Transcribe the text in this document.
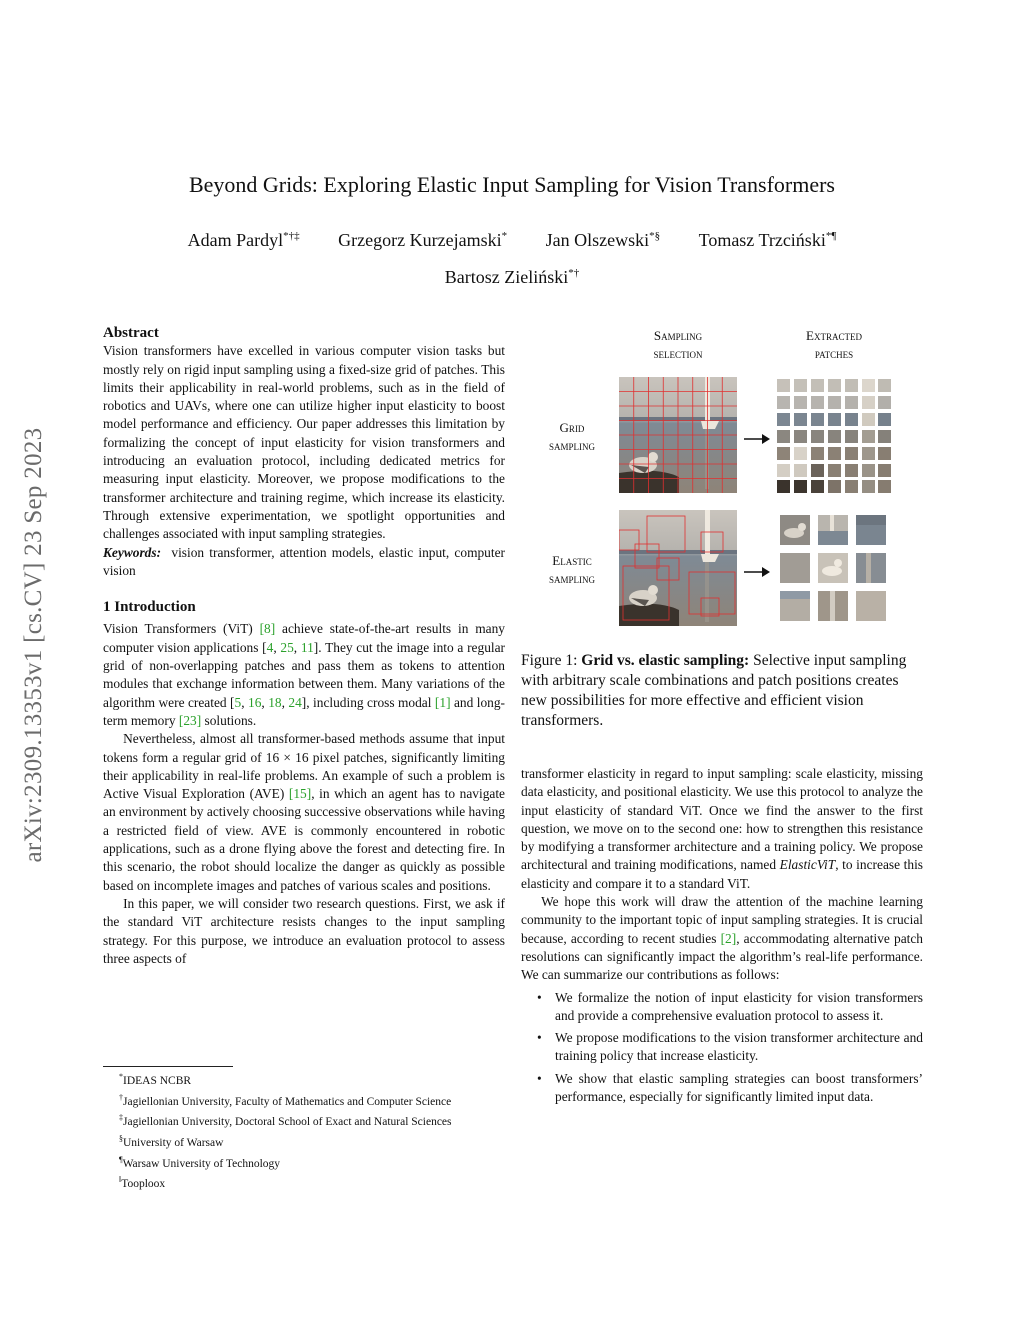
arXiv:2309.13353v1 [cs.CV] 23 Sep 2023
Beyond Grids: Exploring Elastic Input Sampling for Vision Transformers
Adam Pardyl*†‡ Grzegorz Kurzejamski* Jan Olszewski*§ Tomasz Trzciński*¶
Bartosz Zieliński*†
Abstract

Vision transformers have excelled in various computer vision tasks but mostly rely on rigid input sampling using a fixed-size grid of patches. This limits their applicability in real-world problems, such as in the field of robotics and UAVs, where one can utilize higher input elasticity to boost model performance and efficiency. Our paper addresses this limitation by formalizing the concept of input elasticity for vision transformers and introducing an evaluation protocol, including dedicated metrics for measuring input elasticity. Moreover, we propose modifications to the transformer architecture and training regime, which increase its elasticity. Through extensive experimentation, we spotlight opportunities and challenges associated with input sampling strategies.

Keywords: vision transformer, attention models, elastic input, computer vision

1 Introduction

Vision Transformers (ViT) [8] achieve state-of-the-art results in many computer vision applications [4, 25, 11]. They cut the image into a regular grid of non-overlapping patches and pass them as tokens to attention modules that exchange information between them. Many variations of the algorithm were created [5, 16, 18, 24], including cross modal [1] and long-term memory [23] solutions.

Nevertheless, almost all transformer-based methods assume that input tokens form a regular grid of 16 × 16 pixel patches, significantly limiting their applicability in real-life problems. An example of such a problem is Active Visual Exploration (AVE) [15], in which an agent has to navigate an environment by actively choosing successive observations while having a restricted field of view. AVE is commonly encountered in robotic applications, such as a drone flying above the forest and detecting fire. In this scenario, the robot should localize the danger as quickly as possible based on incomplete images and patches of various scales and positions.

In this paper, we will consider two research questions. First, we ask if the standard ViT architecture resists changes to the input sampling strategy. For this purpose, we introduce an evaluation protocol to assess three aspects of

*IDEAS NCBR
†Jagiellonian University, Faculty of Mathematics and Computer Science
‡Jagiellonian University, Doctoral School of Exact and Natural Sciences
§University of Warsaw
¶Warsaw University of Technology
‖Tooploox
Sampling
selection
Extracted
patches
Grid
sampling
Elastic
sampling
Figure 1: Grid vs. elastic sampling: Selective input sampling with arbitrary scale combinations and patch positions creates new possibilities for more effective and efficient vision transformers.

transformer elasticity in regard to input sampling: scale elasticity, missing data elasticity, and positional elasticity. We use this protocol to analyze the input elasticity of standard ViT. Once we find the answer to the first question, we move on to the second one: how to strengthen this resistance by modifying a transformer architecture and a training policy. We propose architectural and training modifications, named ElasticViT, to increase this elasticity and compare it to a standard ViT.

We hope this work will draw the attention of the machine learning community to the important topic of input sampling strategies. It is crucial because, according to recent studies [2], accommodating alternative patch resolutions can significantly impact the algorithm’s real-life performance. We can summarize our contributions as follows:

• We formalize the notion of input elasticity for vision transformers and provide a comprehensive evaluation protocol to assess it.
• We propose modifications to the vision transformer architecture and training policy that increase elasticity.
• We show that elastic sampling strategies can boost transformers’ performance, especially for significantly limited input data.
